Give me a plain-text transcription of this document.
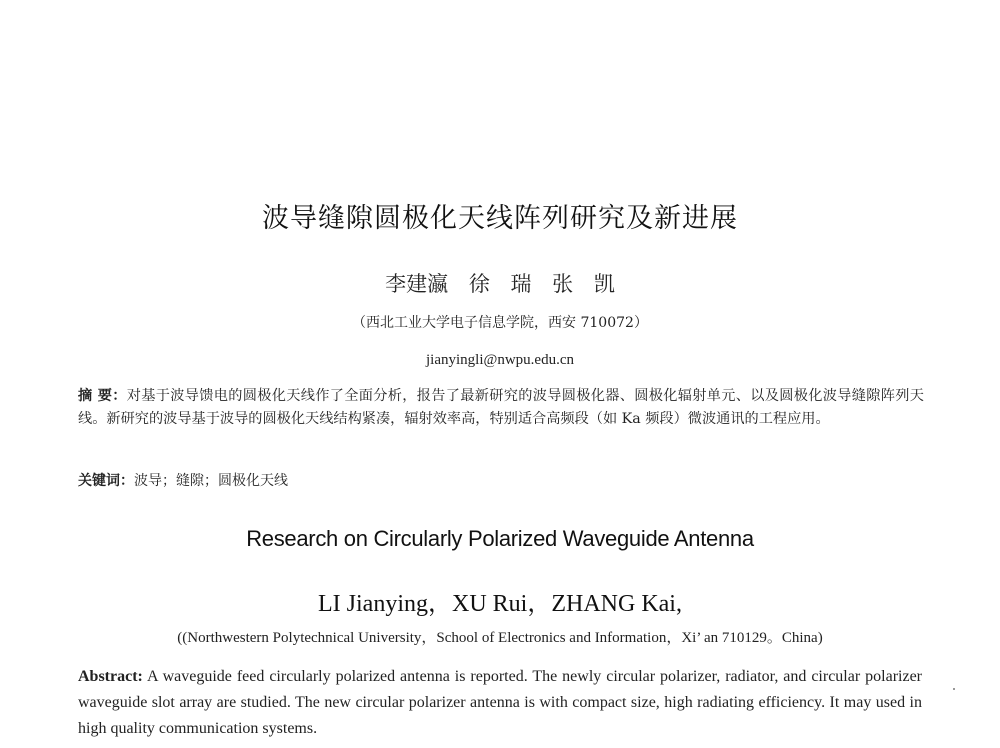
波导缝隙圆极化天线阵列研究及新进展
李建瀛 徐 瑞 张 凯
（西北工业大学电子信息学院，西安 710072）
jianyingli@nwpu.edu.cn
摘 要：对基于波导馈电的圆极化天线作了全面分析，报告了最新研究的波导圆极化器、圆极化辐射单元、以及圆极化波导缝隙阵列天线。新研究的波导基于波导的圆极化天线结构紧凑，辐射效率高，特别适合高频段（如 Ka 频段）微波通讯的工程应用。
关键词：波导；缝隙；圆极化天线
Research on Circularly Polarized Waveguide Antenna
LI Jianying，XU Rui，ZHANG Kai,
((Northwestern Polytechnical University，School of Electronics and Information，Xi’ an 710129。China)
Abstract: A waveguide feed circularly polarized antenna is reported. The newly circular polarizer, radiator, and circular polarizer waveguide slot array are studied. The new circular polarizer antenna is with compact size, high radiating efficiency. It may used in high quality communication systems.
